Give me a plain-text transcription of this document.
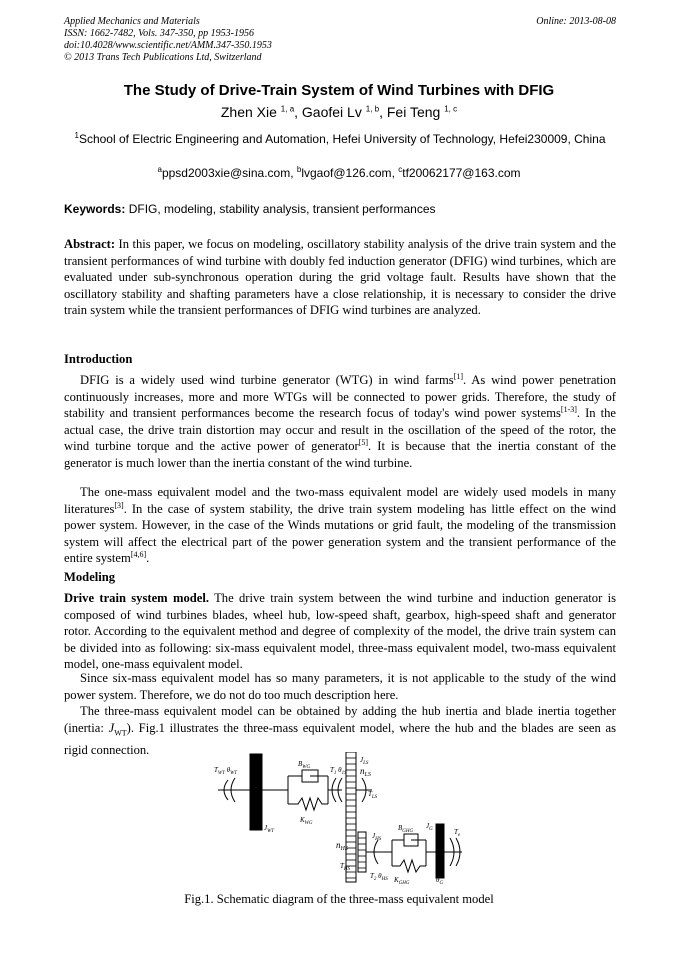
Applied Mechanics and Materials
ISSN: 1662-7482, Vols. 347-350, pp 1953-1956
doi:10.4028/www.scientific.net/AMM.347-350.1953
© 2013 Trans Tech Publications Ltd, Switzerland
Online: 2013-08-08
The Study of Drive-Train System of Wind Turbines with DFIG
Zhen Xie $^{1, a}$, Gaofei Lv $^{1, b}$, Fei Teng $^{1, c}$
$^1$School of Electric Engineering and Automation, Hefei University of Technology, Hefei230009, China
$^a$ppsd2003xie@sina.com, $^b$lvgaof@126.com, $^c$tf20062177@163.com
Keywords: DFIG, modeling, stability analysis, transient performances
Abstract: In this paper, we focus on modeling, oscillatory stability analysis of the drive train system and the transient performances of wind turbine with doubly fed induction generator (DFIG) wind turbines, which are evaluated under sub-synchronous operation during the grid voltage fault. Results have shown that the oscillatory stability and shafting parameters have a close relationship, it is necessary to consider the drive train system while the transient performances of DFIG wind turbines are analyzed.
Introduction
DFIG is a widely used wind turbine generator (WTG) in wind farms[1]. As wind power penetration continuously increases, more and more WTGs will be connected to power grids. Therefore, the study of stability and transient performances become the research focus of today's wind power systems[1-3]. In the actual case, the drive train distortion may occur and result in the oscillation of the speed of the rotor, the wind turbine torque and the active power of generator[5]. It is because that the inertia constant of the generator is much lower than the inertia constant of the wind turbine.
The one-mass equivalent model and the two-mass equivalent model are widely used models in many literatures[3]. In the case of system stability, the drive train system modeling has little effect on the wind power system. However, in the case of the Winds mutations or grid fault, the modeling of the transmission system will affect the electrical part of the power generation system and the transient performance of the entire system[4,6].
Modeling
Drive train system model. The drive train system between the wind turbine and induction generator is composed of wind turbines blades, wheel hub, low-speed shaft, gearbox, high-speed shaft and generator rotor. According to the equivalent method and degree of complexity of the model, the drive train system can be divided into as following: six-mass equivalent model, three-mass equivalent model, two-mass equivalent model, one-mass equivalent model.
Since six-mass equivalent model has so many parameters, it is not applicable to the study of the wind power system. Therefore, we do not do too much description here.
The three-mass equivalent model can be obtained by adding the hub inertia and blade inertia together (inertia: $J_{WT}$). Fig.1 illustrates the three-mass equivalent model, where the hub and the blades are seen as rigid connection.
$T_{WT}$ $\theta_{WT}$
$B_{WG}$
$K_{WG}$
$J_{WT}$
$T_1$ $\theta_{1S}$
$J_{LS}$
$n_{LS}$
$T_{LS}$
$J_G$
$B_{GHG}$
$n_{HS}$
$J_{HS}$
$T_{HS}$
$T_2$ $\theta_{HS}$ $K_{GHG}$
$T_e$
$\theta_G$
Fig.1. Schematic diagram of the three-mass equivalent model
